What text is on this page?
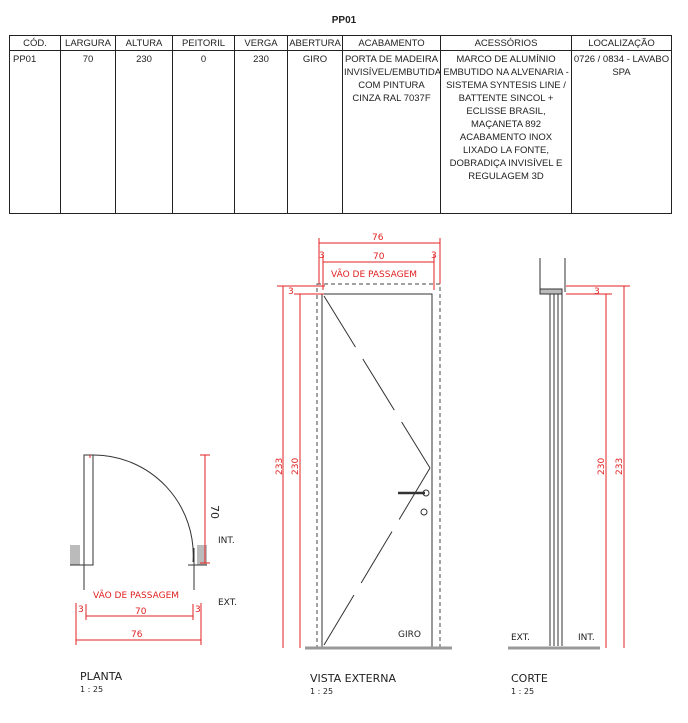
PP01
CÓD.	LARGURA	ALTURA	PEITORIL	VERGA	ABERTURA	ACABAMENTO	ACESSÓRIOS	LOCALIZAÇÃO
PP01	70	230	0	230	GIRO	PORTA DE MADEIRA INVISÍVEL/EMBUTIDA COM PINTURA CINZA RAL 7037F	MARCO DE ALUMÍNIO EMBUTIDO NA ALVENARIA - SISTEMA SYNTESIS LINE / BATTENTE SINCOL + ECLISSE BRASIL, MAÇANETA 892 ACABAMENTO INOX LIXADO LA FONTE, DOBRADIÇA INVISÍVEL E REGULAGEM 3D	0726 / 0834 - LAVABO SPA
70
INT.
EXT.
VÃO DE PASSAGEM
70
3	3
76
PLANTA
1 : 25
GIRO
76
70
3	3
VÃO DE PASSAGEM
233 230
3
VISTA EXTERNA
1 : 25
EXT.	INT.
230 233
3
CORTE
1 : 25
